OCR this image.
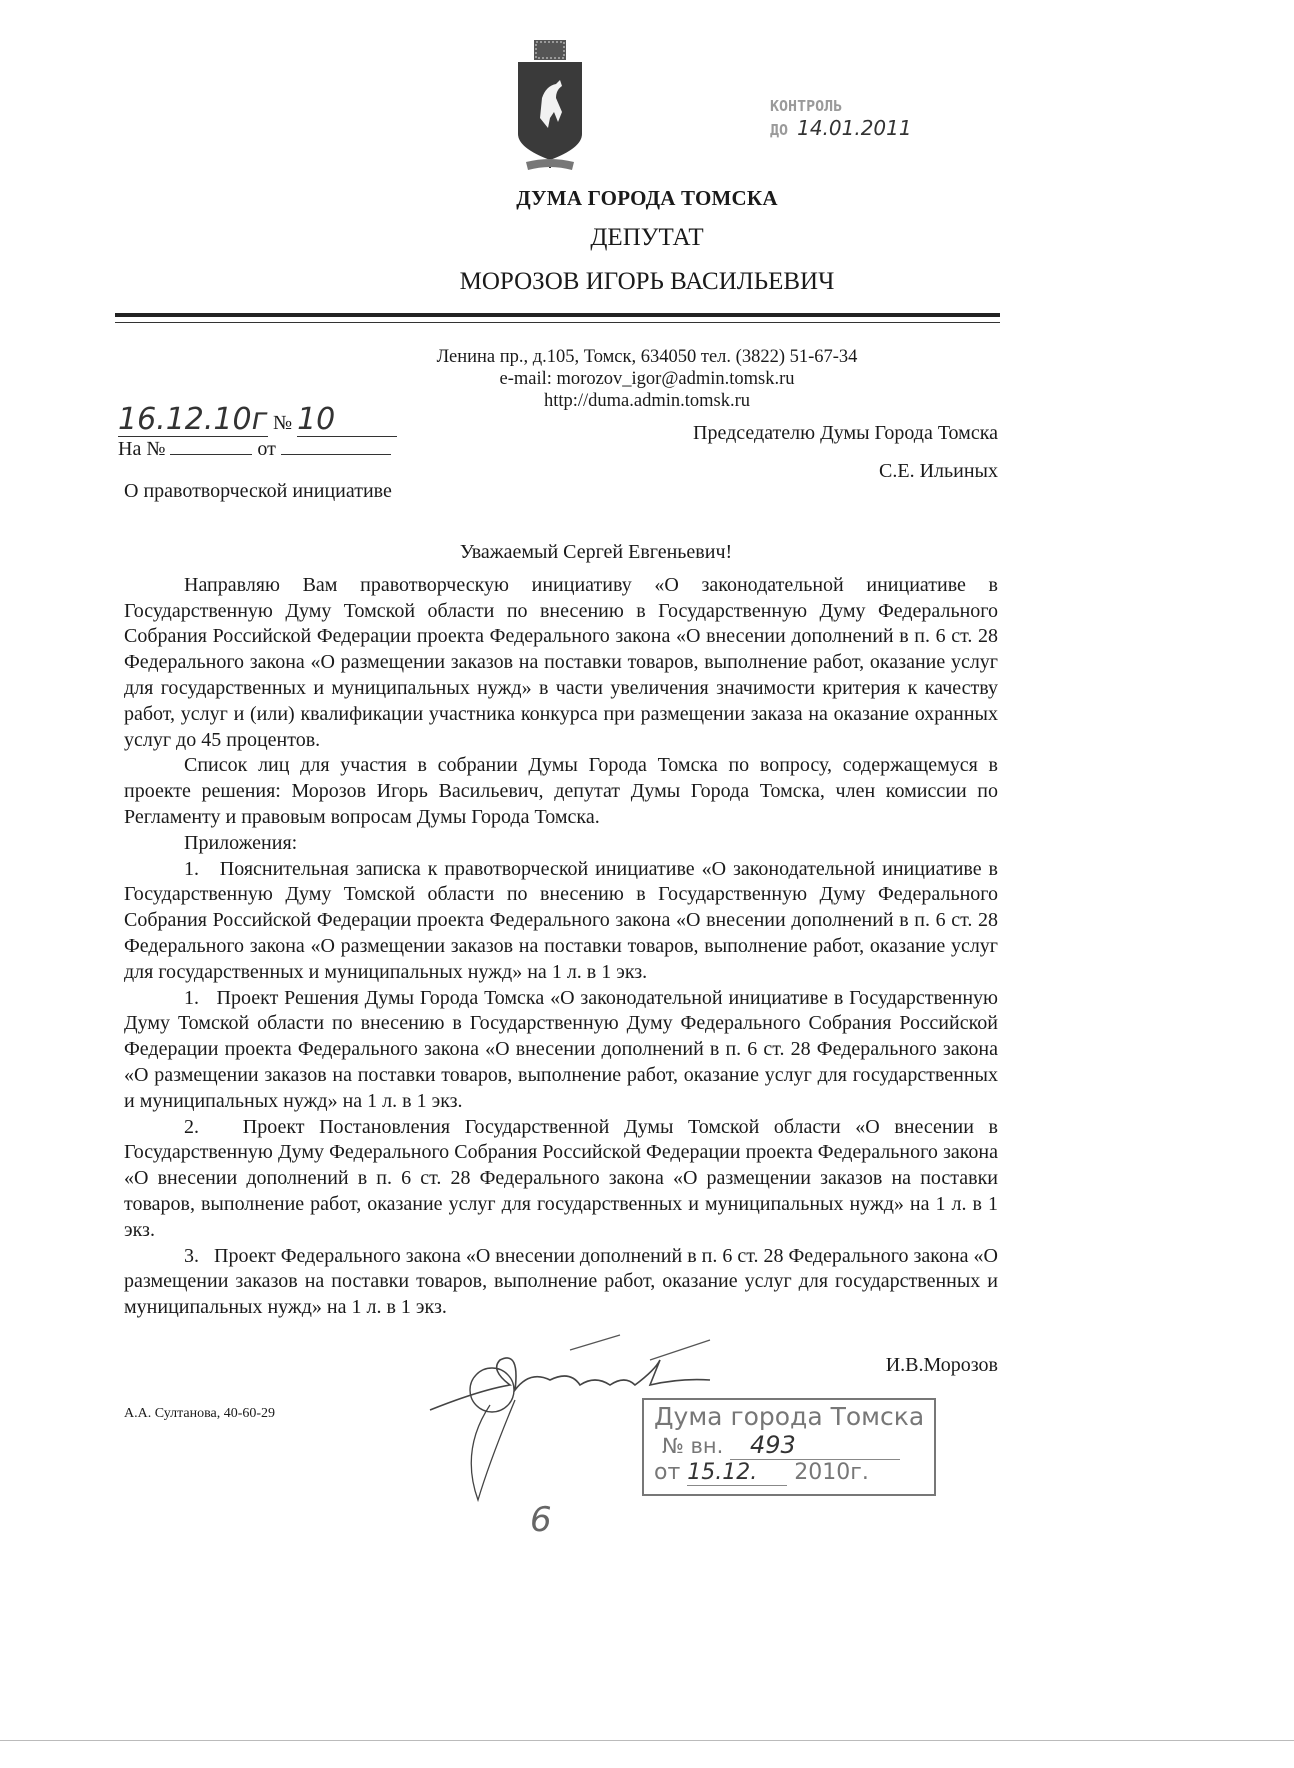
КОНТРОЛЬ
ДО 14.01.2011
ДУМА ГОРОДА ТОМСКА
ДЕПУТАТ
МОРОЗОВ ИГОРЬ ВАСИЛЬЕВИЧ
Ленина пр., д.105, Томск, 634050 тел. (3822) 51-67-34
e-mail: morozov_igor@admin.tomsk.ru
http://duma.admin.tomsk.ru
16.12.10г № 10
На №	от
Председателю Думы Города Томска
С.Е. Ильиных
О правотворческой инициативе

Уважаемый Сергей Евгеньевич!

Направляю Вам правотворческую инициативу «О законодательной инициативе в Государственную Думу Томской области по внесению в Государственную Думу Федерального Собрания Российской Федерации проекта Федерального закона «О внесении дополнений в п. 6 ст. 28 Федерального закона «О размещении заказов на поставки товаров, выполнение работ, оказание услуг для государственных и муниципальных нужд» в части увеличения значимости критерия к качеству работ, услуг и (или) квалификации участника конкурса при размещении заказа на оказание охранных услуг до 45 процентов.

Список лиц для участия в собрании Думы Города Томска по вопросу, содержащемуся в проекте решения: Морозов Игорь Васильевич, депутат Думы Города Томска, член комиссии по Регламенту и правовым вопросам Думы Города Томска.

Приложения:

1. Пояснительная записка к правотворческой инициативе «О законодательной инициативе в Государственную Думу Томской области по внесению в Государственную Думу Федерального Собрания Российской Федерации проекта Федерального закона «О внесении дополнений в п. 6 ст. 28 Федерального закона «О размещении заказов на поставки товаров, выполнение работ, оказание услуг для государственных и муниципальных нужд» на 1 л. в 1 экз.

1. Проект Решения Думы Города Томска «О законодательной инициативе в Государственную Думу Томской области по внесению в Государственную Думу Федерального Собрания Российской Федерации проекта Федерального закона «О внесении дополнений в п. 6 ст. 28 Федерального закона «О размещении заказов на поставки товаров, выполнение работ, оказание услуг для государственных и муниципальных нужд» на 1 л. в 1 экз.

2. Проект Постановления Государственной Думы Томской области «О внесении в Государственную Думу Федерального Собрания Российской Федерации проекта Федерального закона «О внесении дополнений в п. 6 ст. 28 Федерального закона «О размещении заказов на поставки товаров, выполнение работ, оказание услуг для государственных и муниципальных нужд» на 1 л. в 1 экз.

3. Проект Федерального закона «О внесении дополнений в п. 6 ст. 28 Федерального закона «О размещении заказов на поставки товаров, выполнение работ, оказание услуг для государственных и муниципальных нужд» на 1 л. в 1 экз.

И.В.Морозов
А.А. Султанова, 40-60-29	Дума города Томска
№ вн. 493
от 15.12. 2010г.
6
